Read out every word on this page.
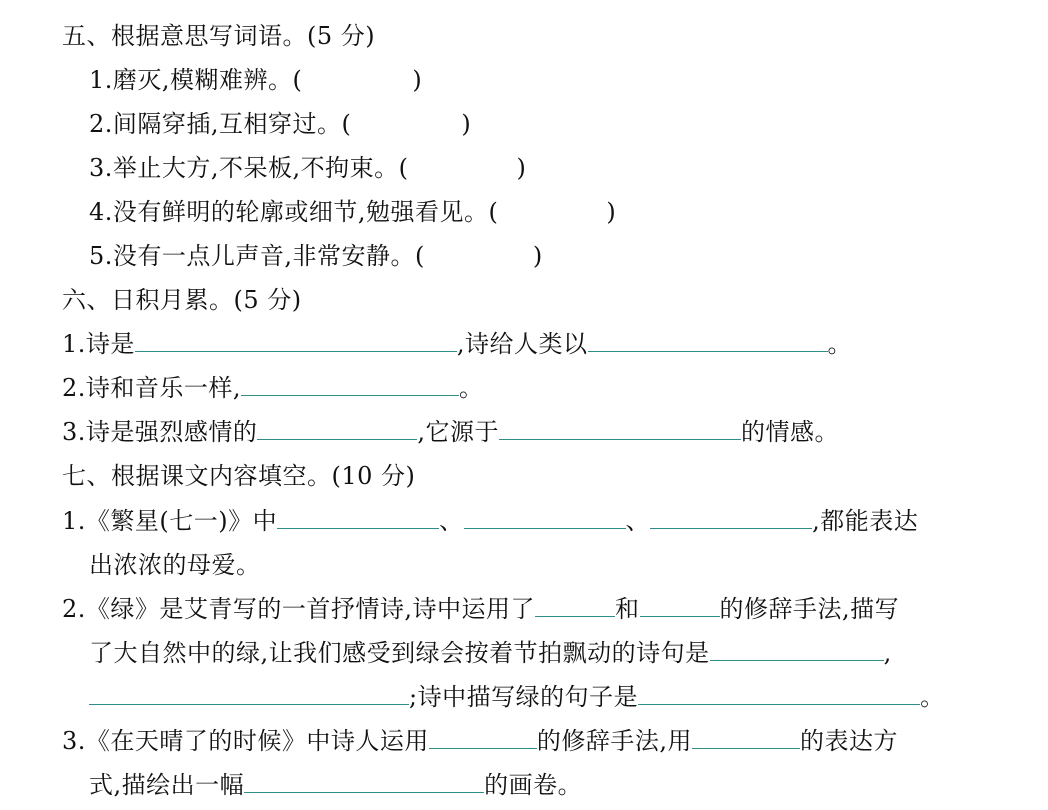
五、根据意思写词语。(5 分)
1.磨灭,模糊难辨。(	)
2.间隔穿插,互相穿过。(	)
3.举止大方,不呆板,不拘束。(	)
4.没有鲜明的轮廓或细节,勉强看见。(	)
5.没有一点儿声音,非常安静。(	)
六、日积月累。(5 分)
1.诗是	,诗给人类以	。
2.诗和音乐一样,	。
3.诗是强烈感情的	,它源于	的情感。
七、根据课文内容填空。(10 分)
1.《繁星(七一)》中	、	、	,都能表达
出浓浓的母爱。
2.《绿》是艾青写的一首抒情诗,诗中运用了	和	的修辞手法,描写
了大自然中的绿,让我们感受到绿会按着节拍飘动的诗句是	,
;诗中描写绿的句子是	。
3.《在天晴了的时候》中诗人运用	的修辞手法,用	的表达方
式,描绘出一幅	的画卷。
